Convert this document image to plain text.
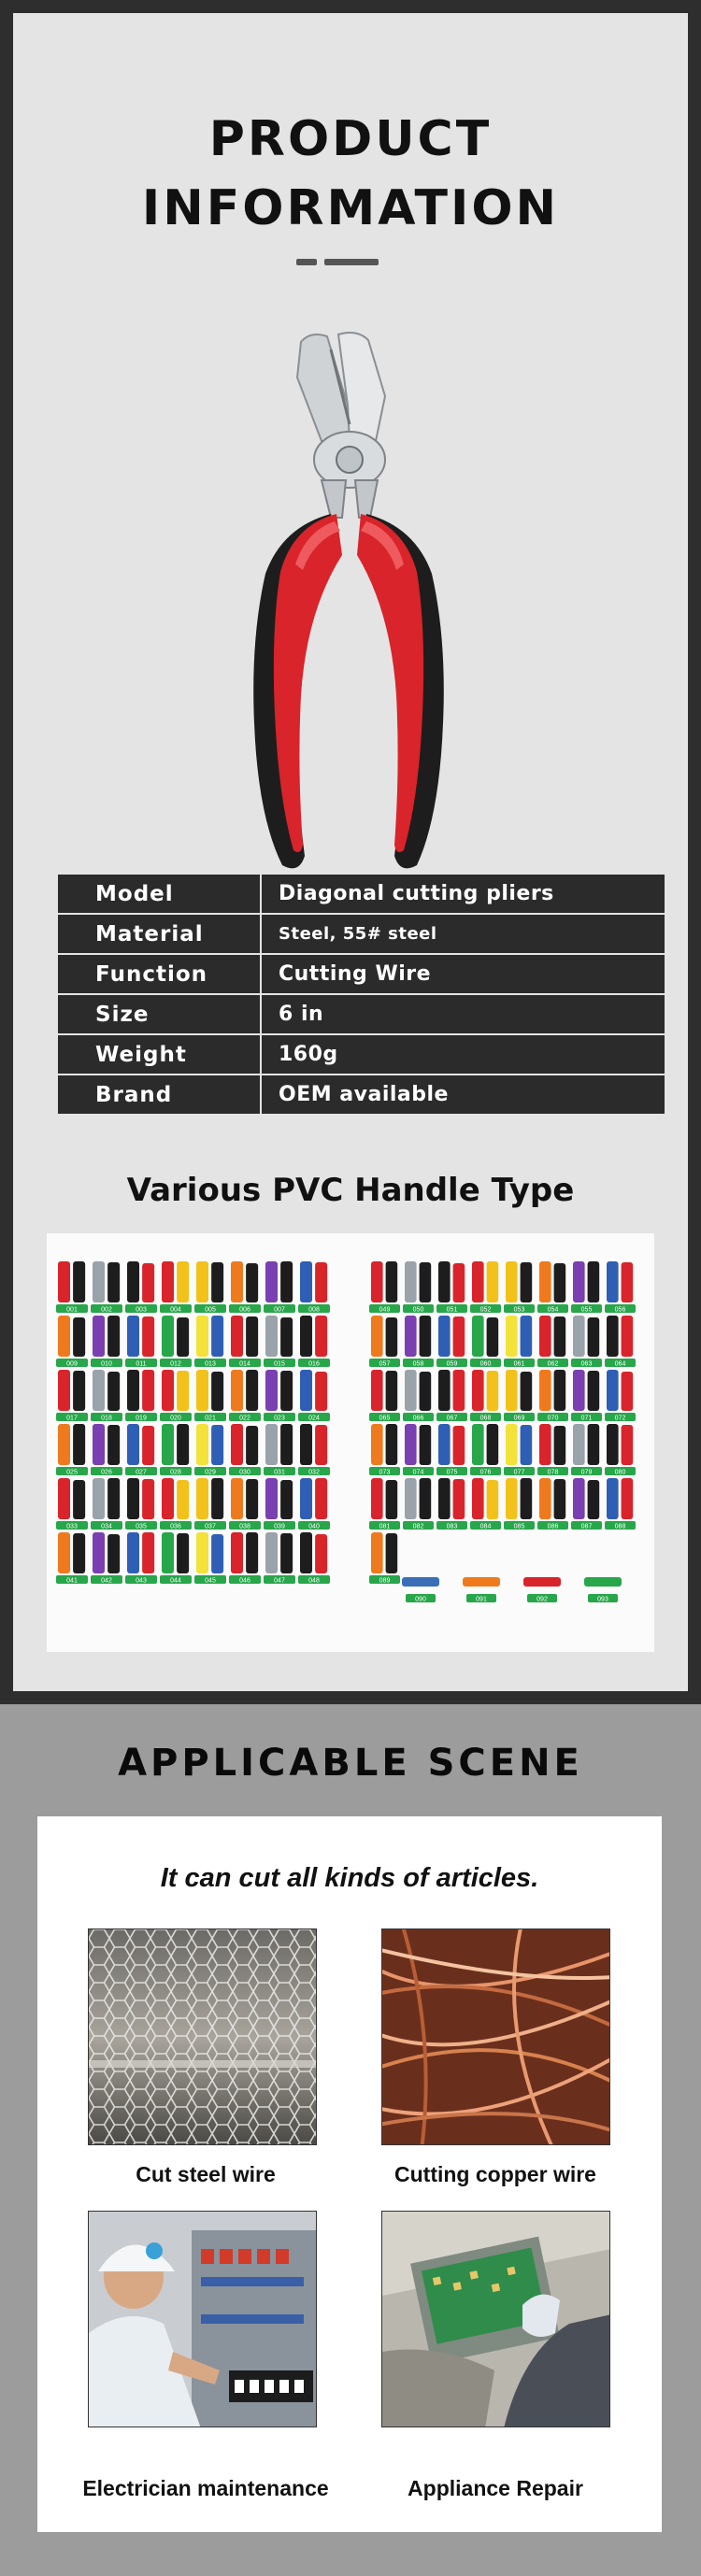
PRODUCT
INFORMATION
Model	Diagonal cutting pliers
Material	Steel, 55# steel
Function	Cutting Wire
Size	6 in
Weight	160g
Brand	OEM available
Various PVC Handle Type
001	002	003	004	005	006	007	008
009	010	011	012	013	014	015	016
017	018	019	020	021	022	023	024
025	026	027	028	029	030	031	032
033	034	035	036	037	038	039	040
041	042	043	044	045	046	047	048
049	050	051	052	053	054	055	056
057	058	059	060	061	062	063	064
065	066	067	068	069	070	071	072
073	074	075	076	077	078	079	080
081	082	083	084	085	086	087	088
089
090	091	092	093
APPLICABLE SCENE

It can cut all kinds of articles.

Cut steel wire	Cutting copper wire

Electrician maintenance	Appliance Repair
